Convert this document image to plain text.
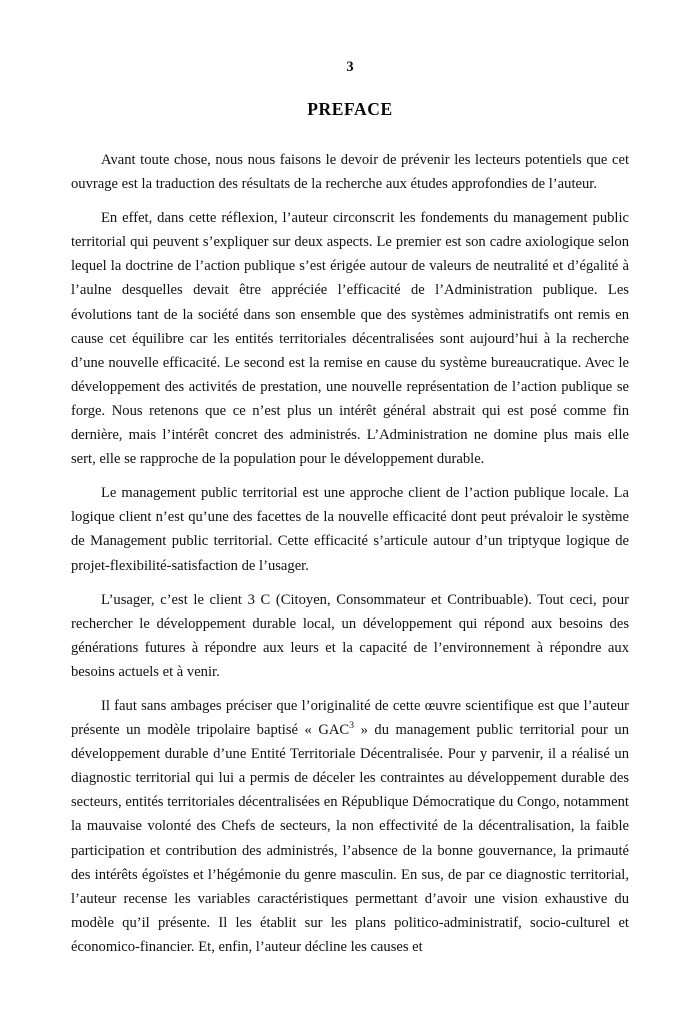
3
PREFACE

Avant toute chose, nous nous faisons le devoir de prévenir les lecteurs potentiels que cet ouvrage est la traduction des résultats de la recherche aux études approfondies de l’auteur.

En effet, dans cette réflexion, l’auteur circonscrit les fondements du management public territorial qui peuvent s’expliquer sur deux aspects. Le premier est son cadre axiologique selon lequel la doctrine de l’action publique s’est érigée autour de valeurs de neutralité et d’égalité à l’aulne desquelles devait être appréciée l’efficacité de l’Administration publique. Les évolutions tant de la société dans son ensemble que des systèmes administratifs ont remis en cause cet équilibre car les entités territoriales décentralisées sont aujourd’hui à la recherche d’une nouvelle efficacité. Le second est la remise en cause du système bureaucratique. Avec le développement des activités de prestation, une nouvelle représentation de l’action publique se forge. Nous retenons que ce n’est plus un intérêt général abstrait qui est posé comme fin dernière, mais l’intérêt concret des administrés. L’Administration ne domine plus mais elle sert, elle se rapproche de la population pour le développement durable.

Le management public territorial est une approche client de l’action publique locale. La logique client n’est qu’une des facettes de la nouvelle efficacité dont peut prévaloir le système de Management public territorial. Cette efficacité s’articule autour d’un triptyque logique de projet-flexibilité-satisfaction de l’usager.

L’usager, c’est le client 3 C (Citoyen, Consommateur et Contribuable). Tout ceci, pour rechercher le développement durable local, un développement qui répond aux besoins des générations futures à répondre aux leurs et la capacité de l’environnement à répondre aux besoins actuels et à venir.

Il faut sans ambages préciser que l’originalité de cette œuvre scientifique est que l’auteur présente un modèle tripolaire baptisé « GAC$^3$ » du management public territorial pour un développement durable d’une Entité Territoriale Décentralisée. Pour y parvenir, il a réalisé un diagnostic territorial qui lui a permis de déceler les contraintes au développement durable des secteurs, entités territoriales décentralisées en République Démocratique du Congo, notamment la mauvaise volonté des Chefs de secteurs, la non effectivité de la décentralisation, la faible participation et contribution des administrés, l’absence de la bonne gouvernance, la primauté des intérêts égoïstes et l’hégémonie du genre masculin. En sus, de par ce diagnostic territorial, l’auteur recense les variables caractéristiques permettant d’avoir une vision exhaustive du modèle qu’il présente. Il les établit sur les plans politico-administratif, socio-culturel et économico-financier. Et, enfin, l’auteur décline les causes et
